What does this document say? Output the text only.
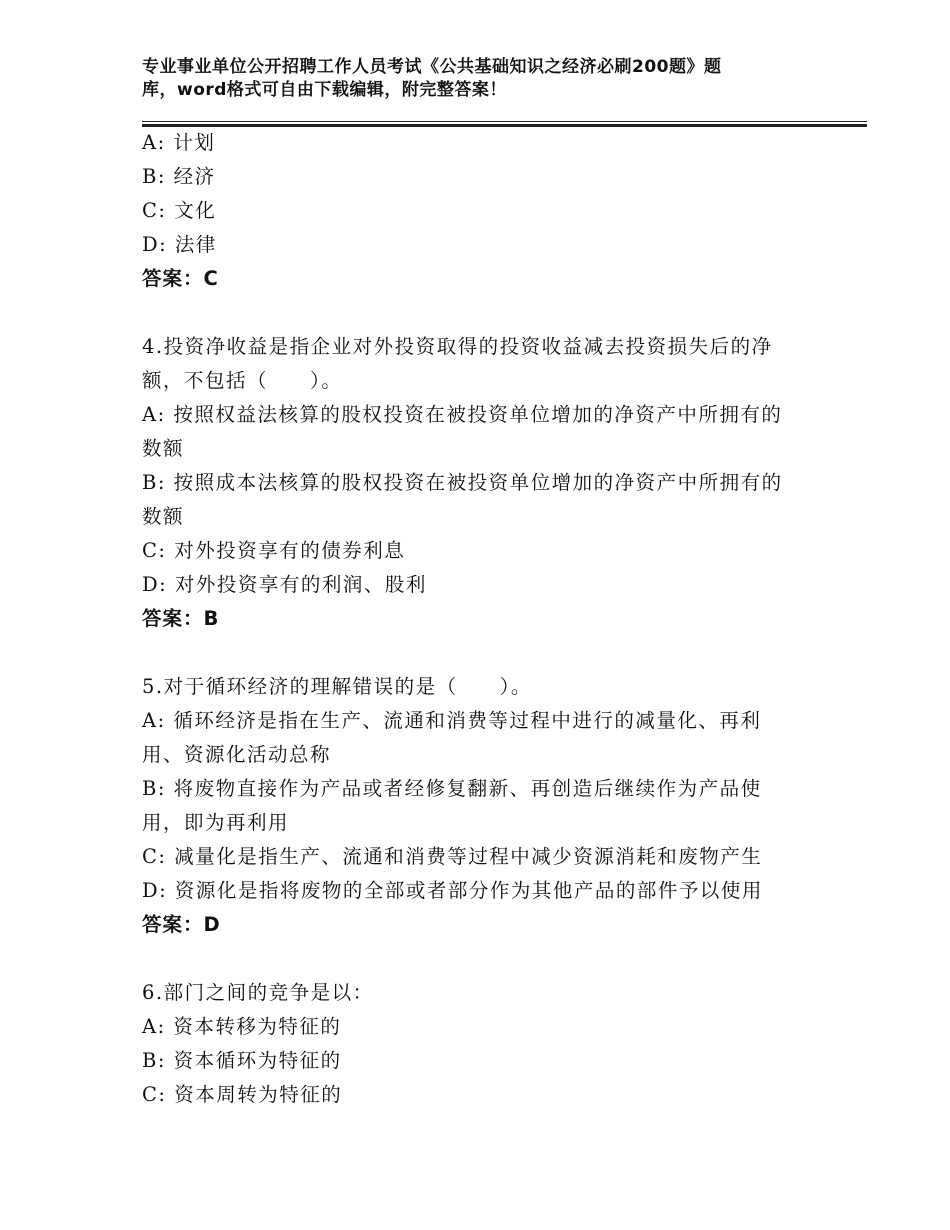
专业事业单位公开招聘工作人员考试《公共基础知识之经济必刷200题》题
库，word格式可自由下载编辑，附完整答案！
A: 计划
B: 经济
C: 文化
D: 法律
答案：C
4.投资净收益是指企业对外投资取得的投资收益减去投资损失后的净
额，不包括（　　）。
A: 按照权益法核算的股权投资在被投资单位增加的净资产中所拥有的
数额
B: 按照成本法核算的股权投资在被投资单位增加的净资产中所拥有的
数额
C: 对外投资享有的债券利息
D: 对外投资享有的利润、股利
答案：B
5.对于循环经济的理解错误的是（　　）。
A: 循环经济是指在生产、流通和消费等过程中进行的减量化、再利
用、资源化活动总称
B: 将废物直接作为产品或者经修复翻新、再创造后继续作为产品使
用，即为再利用
C: 减量化是指生产、流通和消费等过程中减少资源消耗和废物产生
D: 资源化是指将废物的全部或者部分作为其他产品的部件予以使用
答案：D
6.部门之间的竞争是以：
A: 资本转移为特征的
B: 资本循环为特征的
C: 资本周转为特征的
